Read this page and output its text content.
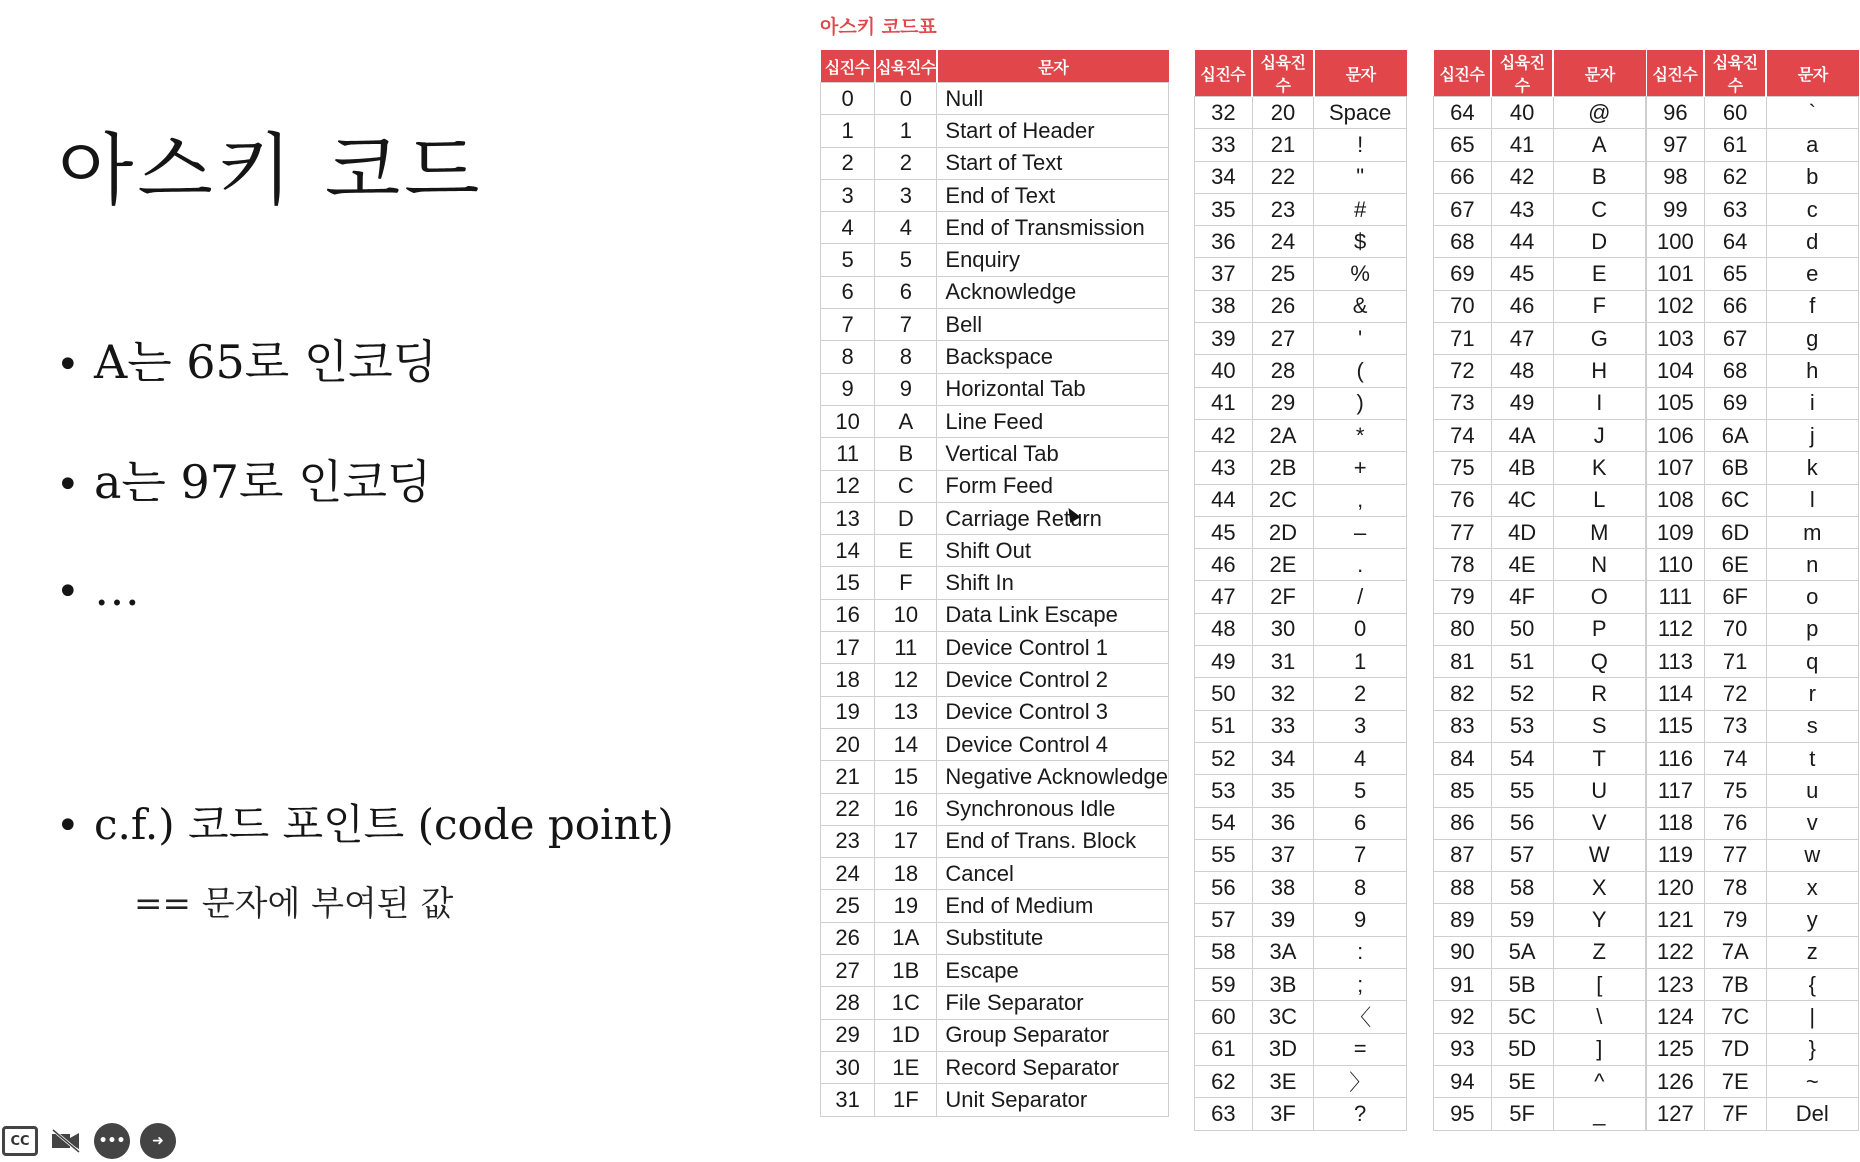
아스키 코드
• A는 65로 인코딩
• a는 97로 인코딩
• …
• c.f.) 코드 포인트 (code point)
== 문자에 부여된 값
아스키 코드표
십진수	십육진수	문자
0	0	Null
1	1	Start of Header
2	2	Start of Text
3	3	End of Text
4	4	End of Transmission
5	5	Enquiry
6	6	Acknowledge
7	7	Bell
8	8	Backspace
9	9	Horizontal Tab
10	A	Line Feed
11	B	Vertical Tab
12	C	Form Feed
13	D	Carriage Return
14	E	Shift Out
15	F	Shift In
16	10	Data Link Escape
17	11	Device Control 1
18	12	Device Control 2
19	13	Device Control 3
20	14	Device Control 4
21	15	Negative Acknowledge
22	16	Synchronous Idle
23	17	End of Trans. Block
24	18	Cancel
25	19	End of Medium
26	1A	Substitute
27	1B	Escape
28	1C	File Separator
29	1D	Group Separator
30	1E	Record Separator
31	1F	Unit Separator
십진수	십육진수	문자
32	20	Space
33	21	!
34	22	"
35	23	#
36	24	$
37	25	%
38	26	&
39	27	'
40	28	(
41	29	)
42	2A	*
43	2B	+
44	2C	,
45	2D	–
46	2E	.
47	2F	/
48	30	0
49	31	1
50	32	2
51	33	3
52	34	4
53	35	5
54	36	6
55	37	7
56	38	8
57	39	9
58	3A	:
59	3B	;
60	3C	〈
61	3D	=
62	3E	〉
63	3F	?
십진수	십육진수	문자
64	40	@
65	41	A
66	42	B
67	43	C
68	44	D
69	45	E
70	46	F
71	47	G
72	48	H
73	49	I
74	4A	J
75	4B	K
76	4C	L
77	4D	M
78	4E	N
79	4F	O
80	50	P
81	51	Q
82	52	R
83	53	S
84	54	T
85	55	U
86	56	V
87	57	W
88	58	X
89	59	Y
90	5A	Z
91	5B	[
92	5C	\
93	5D	]
94	5E	^
95	5F	_
십진수	십육진수	문자
96	60	`
97	61	a
98	62	b
99	63	c
100	64	d
101	65	e
102	66	f
103	67	g
104	68	h
105	69	i
106	6A	j
107	6B	k
108	6C	l
109	6D	m
110	6E	n
111	6F	o
112	70	p
113	71	q
114	72	r
115	73	s
116	74	t
117	75	u
118	76	v
119	77	w
120	78	x
121	79	y
122	7A	z
123	7B	{
124	7C	|
125	7D	}
126	7E	~
127	7F	Del
CC	•••	➜
